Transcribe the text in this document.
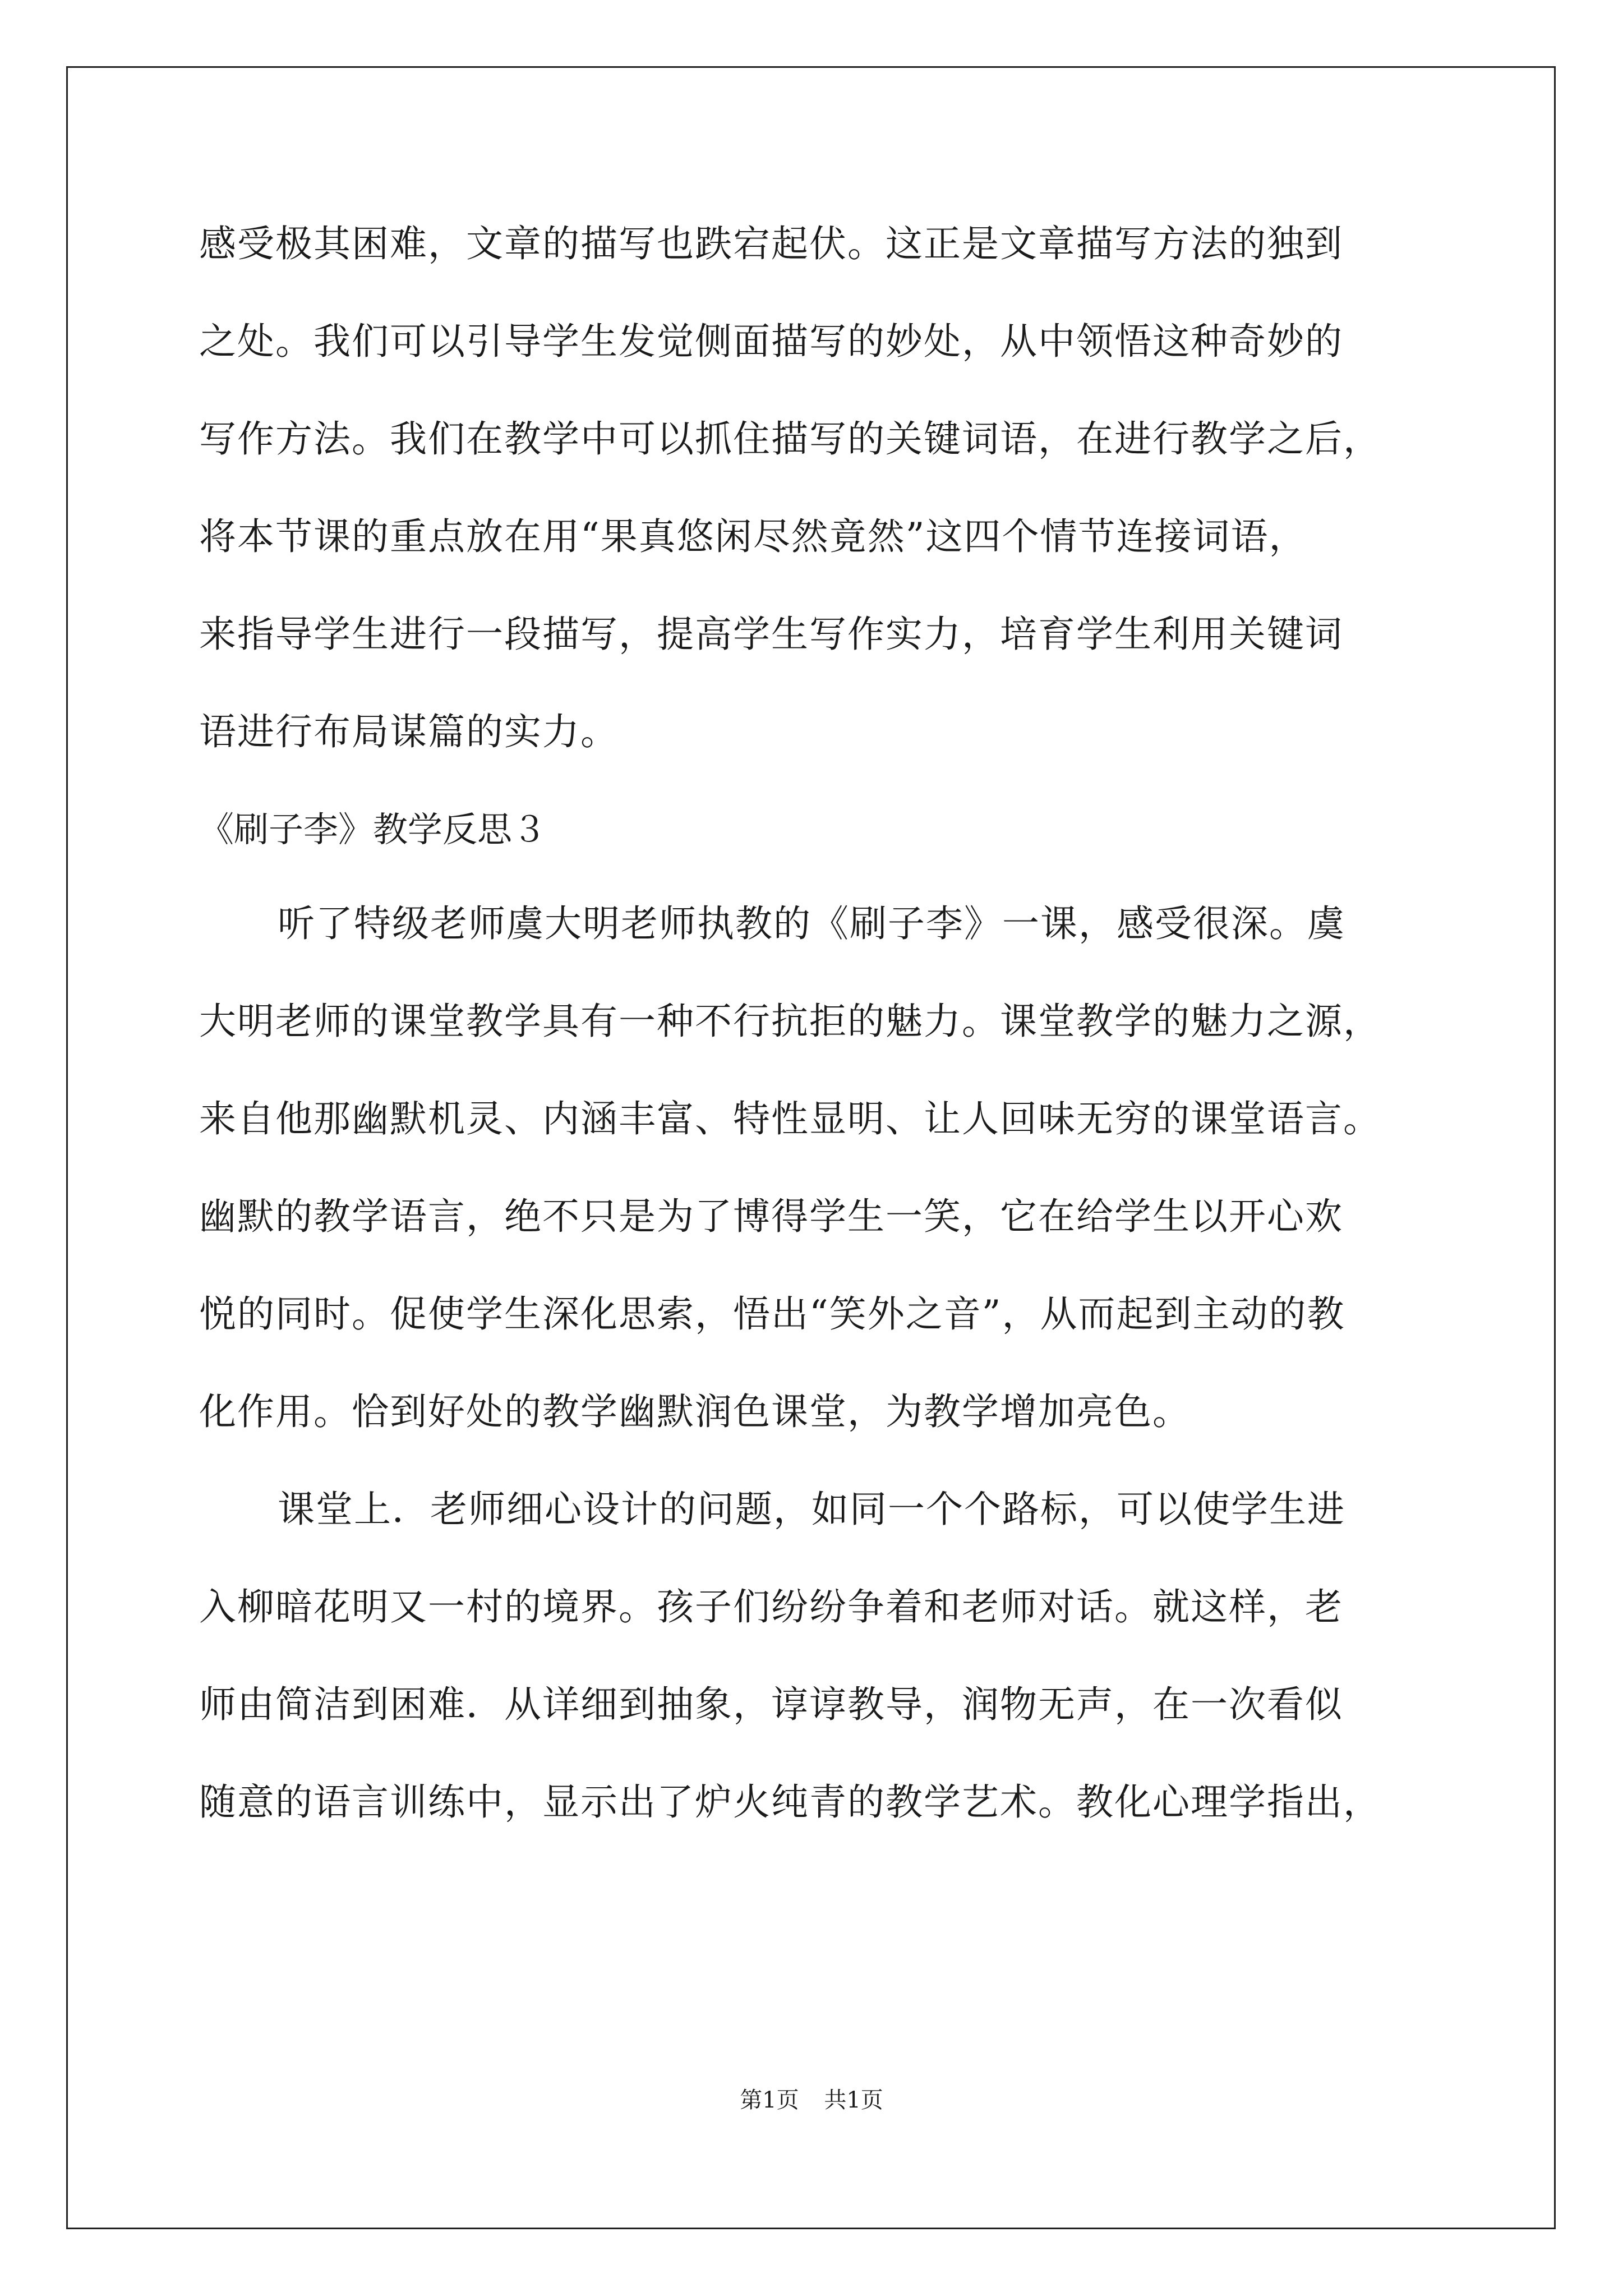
感受极其困难，文章的描写也跌宕起伏。这正是文章描写方法的独到
之处。我们可以引导学生发觉侧面描写的妙处，从中领悟这种奇妙的
写作方法。我们在教学中可以抓住描写的关键词语，在进行教学之后，
将本节课的重点放在用“果真悠闲尽然竟然”这四个情节连接词语，
来指导学生进行一段描写，提高学生写作实力，培育学生利用关键词
语进行布局谋篇的实力。
《刷子李》教学反思３
听了特级老师虞大明老师执教的《刷子李》一课，感受很深。虞
大明老师的课堂教学具有一种不行抗拒的魅力。课堂教学的魅力之源，
来自他那幽默机灵、内涵丰富、特性显明、让人回味无穷的课堂语言。
幽默的教学语言，绝不只是为了博得学生一笑，它在给学生以开心欢
悦的同时。促使学生深化思索，悟出“笑外之音”，从而起到主动的教
化作用。恰到好处的教学幽默润色课堂，为教学增加亮色。
课堂上．老师细心设计的问题，如同一个个路标，可以使学生进
入柳暗花明又一村的境界。孩子们纷纷争着和老师对话。就这样，老
师由简洁到困难．从详细到抽象，谆谆教导，润物无声，在一次看似
随意的语言训练中，显示出了炉火纯青的教学艺术。教化心理学指出，
第1页 共1页
